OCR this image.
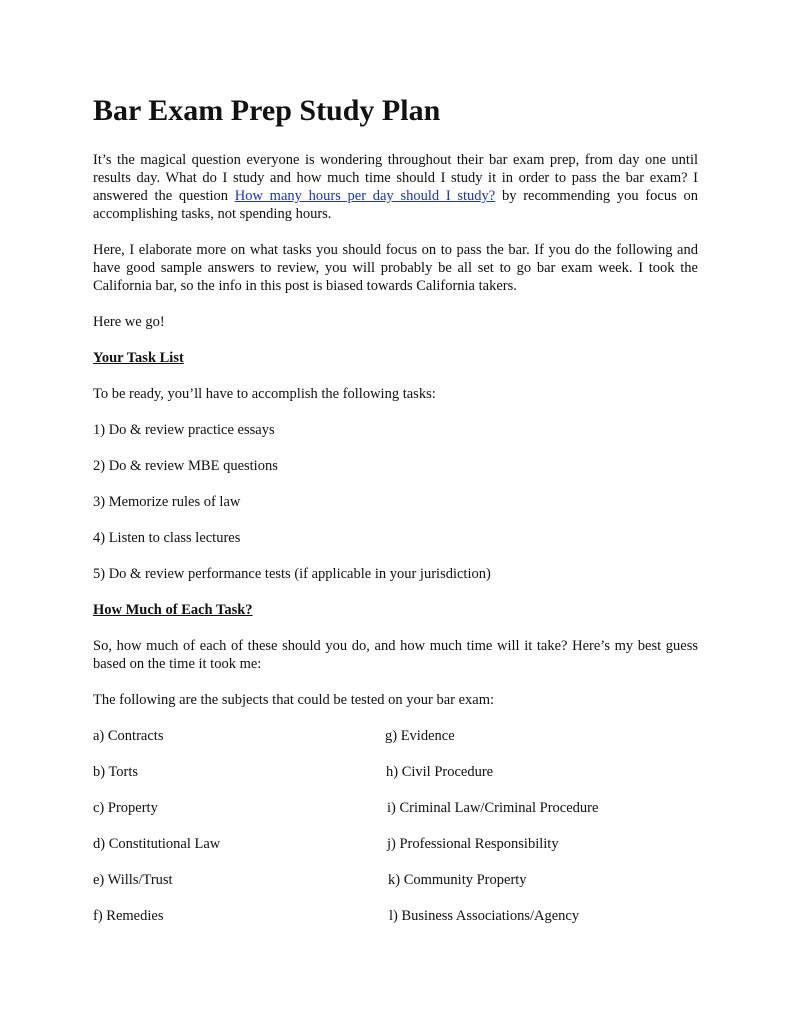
Bar Exam Prep Study Plan

It’s the magical question everyone is wondering throughout their bar exam prep, from day one until results day. What do I study and how much time should I study it in order to pass the bar exam? I answered the question How many hours per day should I study? by recommending you focus on accomplishing tasks, not spending hours.

Here, I elaborate more on what tasks you should focus on to pass the bar. If you do the following and have good sample answers to review, you will probably be all set to go bar exam week. I took the California bar, so the info in this post is biased towards California takers.

Here we go!

Your Task List

To be ready, you’ll have to accomplish the following tasks:

1) Do & review practice essays
2) Do & review MBE questions
3) Memorize rules of law
4) Listen to class lectures
5) Do & review performance tests (if applicable in your jurisdiction)

How Much of Each Task?

So, how much of each of these should you do, and how much time will it take? Here’s my best guess based on the time it took me:

The following are the subjects that could be tested on your bar exam:

a) Contracts	g) Evidence
b) Torts	h) Civil Procedure
c) Property	i) Criminal Law/Criminal Procedure
d) Constitutional Law	j) Professional Responsibility
e) Wills/Trust	k) Community Property
f) Remedies	l) Business Associations/Agency
